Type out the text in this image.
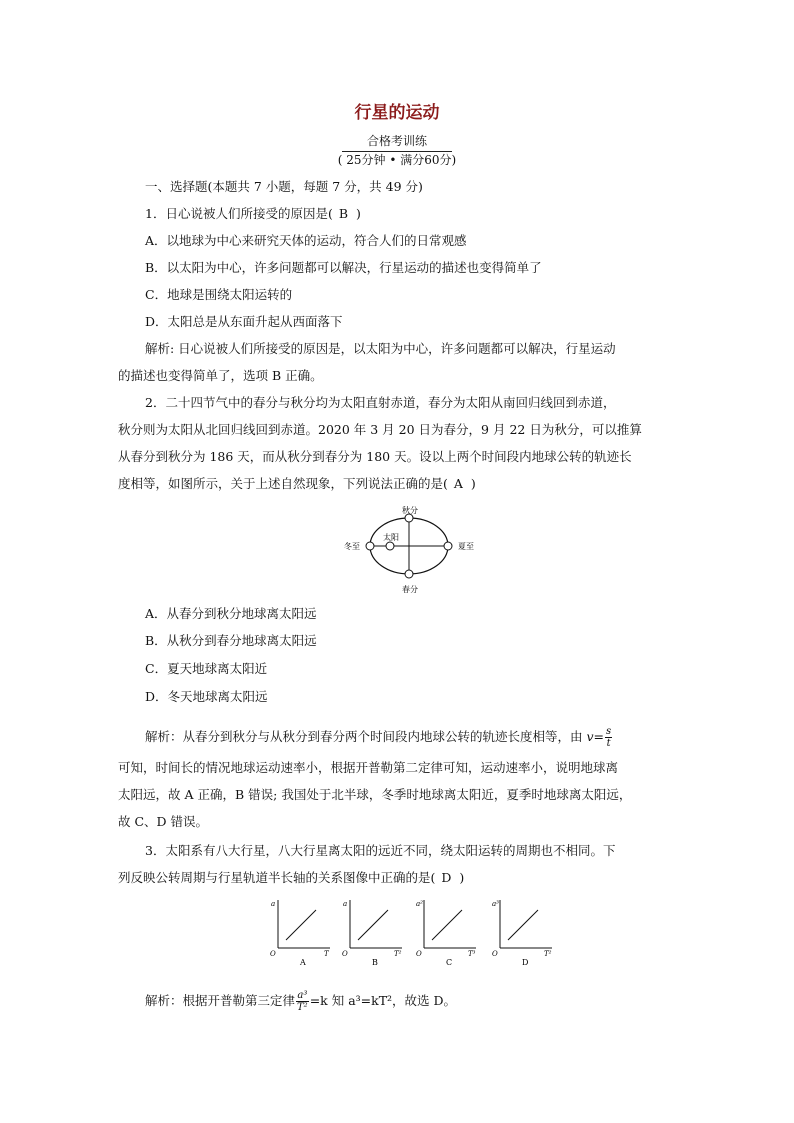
行星的运动
合格考训练
( 25分钟 • 满分60分)
一、选择题(本题共 7 小题，每题 7 分，共 49 分)
1．日心说被人们所接受的原因是( B )
A．以地球为中心来研究天体的运动，符合人们的日常观感
B．以太阳为中心，许多问题都可以解决，行星运动的描述也变得简单了
C．地球是围绕太阳运转的
D．太阳总是从东面升起从西面落下
解析: 日心说被人们所接受的原因是，以太阳为中心，许多问题都可以解决，行星运动
的描述也变得简单了，选项 B 正确。
2．二十四节气中的春分与秋分均为太阳直射赤道，春分为太阳从南回归线回到赤道，
秋分则为太阳从北回归线回到赤道。2020 年 3 月 20 日为春分，9 月 22 日为秋分，可以推算
从春分到秋分为 186 天，而从秋分到春分为 180 天。设以上两个时间段内地球公转的轨迹长
度相等，如图所示，关于上述自然现象，下列说法正确的是( A )
秋分
春分
冬至	夏至
太阳
A．从春分到秋分地球离太阳远
B．从秋分到春分地球离太阳远
C．夏天地球离太阳近
D．冬天地球离太阳远
解析：从春分到秋分与从秋分到春分两个时间段内地球公转的轨迹长度相等，由 $v= \frac{s}{t}$
可知，时间长的情况地球运动速率小，根据开普勒第二定律可知，运动速率小，说明地球离
太阳远，故 A 正确，B 错误; 我国处于北半球，冬季时地球离太阳近，夏季时地球离太阳远，
故 C、D 错误。
3．太阳系有八大行星，八大行星离太阳的远近不同，绕太阳运转的周期也不相同。下
列反映公转周期与行星轨道半长轴的关系图像中正确的是( D )
a
T
O
A
a
T²
O
B
a²
T³
O
C
a³
T²
O
D
解析：根据开普勒第三定律 $\frac{\text{a³}}{\text{T²}} =k$ 知 a³=kT²，故选 D。
